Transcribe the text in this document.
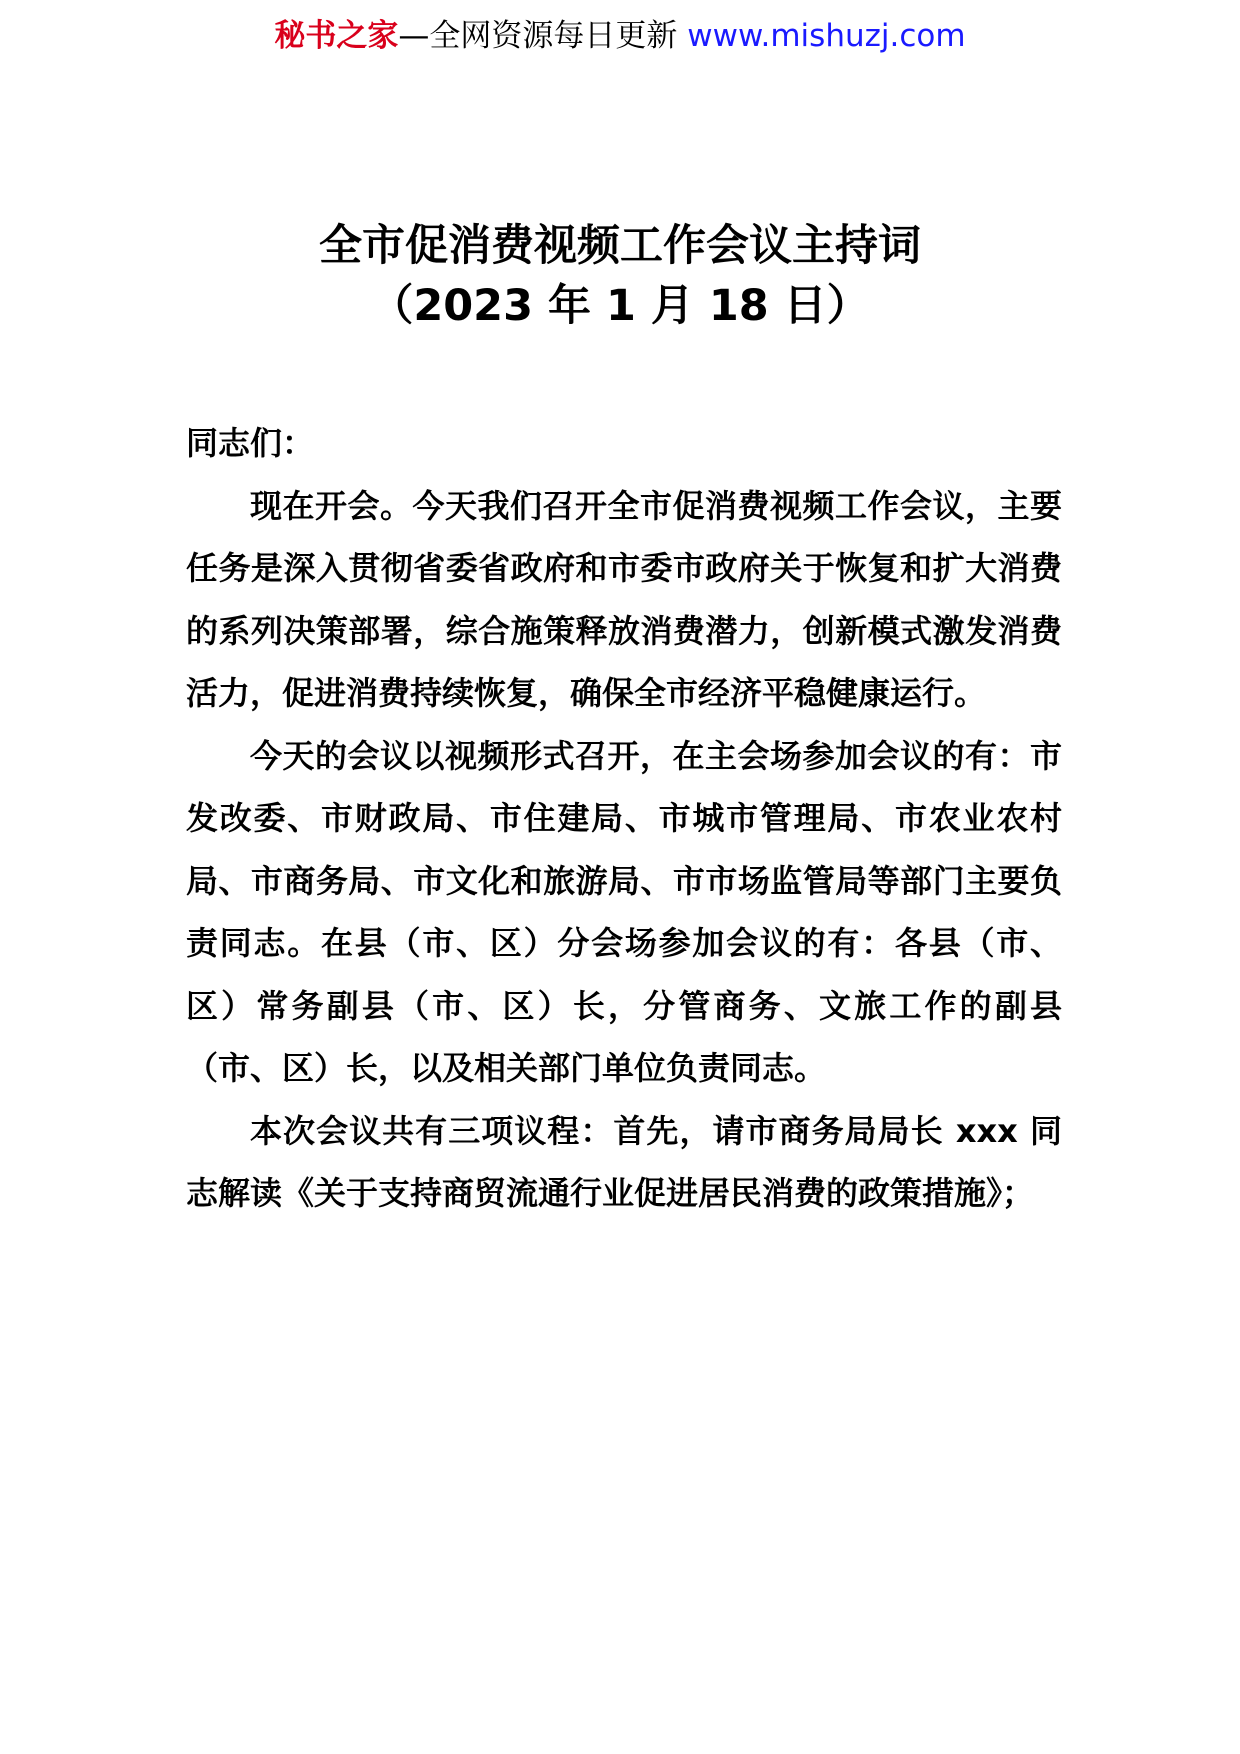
秘书之家—全网资源每日更新 www.mishuzj.com
全市促消费视频工作会议主持词
（2023 年 1 月 18 日）

同志们：

现在开会。今天我们召开全市促消费视频工作会议，主要任务是深入贯彻省委省政府和市委市政府关于恢复和扩大消费的系列决策部署，综合施策释放消费潜力，创新模式激发消费活力，促进消费持续恢复，确保全市经济平稳健康运行。

今天的会议以视频形式召开，在主会场参加会议的有：市发改委、市财政局、市住建局、市城市管理局、市农业农村局、市商务局、市文化和旅游局、市市场监管局等部门主要负责同志。在县（市、区）分会场参加会议的有：各县（市、区）常务副县（市、区）长，分管商务、文旅工作的副县（市、区）长，以及相关部门单位负责同志。

本次会议共有三项议程：首先，请市商务局局长 xxx 同志解读《关于支持商贸流通行业促进居民消费的政策措施》；
